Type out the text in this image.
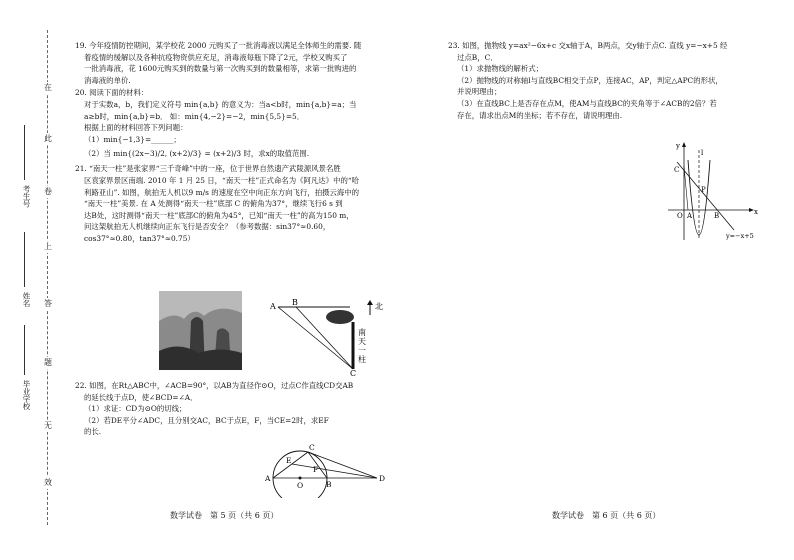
在
此
卷
上
答
题
无
效
考生号
姓名
毕业学校
19. 今年疫情防控期间，某学校花 2000 元购买了一批消毒液以满足全体师生的需要. 随
着疫情的缓解以及各种抗疫物资供应充足，消毒液每瓶下降了2元，学校又购买了
一批消毒液，花 1600元购买到的数量与第一次购买到的数量相等，求第一批购进的
消毒液的单价.
20. 阅读下面的材料：
对于实数a，b，我们定义符号 min{a,b} 的意义为：当a<b时，min{a,b}=a；当
a≥b时，min{a,b}=b． 如：min{4,−2}=−2，min{5,5}=5．
根据上面的材料回答下列问题：
（1）min{−1,3}=______；
（2）当 min{(2x−3)/2, (x+2)/3} = (x+2)/3 时，求x的取值范围.
21. “南天一柱”是张家界“三千奇峰”中的一座，位于世界自然遗产武陵源风景名胜
区袁家界景区南端. 2010 年 1 月 25 日，“南天一柱”正式命名为《阿凡达》中的“哈
利路亚山”. 如图，航拍无人机以9 m/s 的速度在空中向正东方向飞行，拍摄云海中的
“南天一柱”美景. 在 A 处测得“南天一柱”底部 C 的俯角为37°，继续飞行6 s 到
达B处，这时测得“南天一柱”底部C的俯角为45°，已知“南天一柱”的高为150 m，
问这架航拍无人机继续向正东飞行是否安全？（参考数据：sin37°≈0.60，
cos37°≈0.80，tan37°≈0.75）
22. 如图，在Rt△ABC中，∠ACB=90°，以AB为直径作⊙O，过点C作直线CD交AB
的延长线于点D，使∠BCD=∠A．
（1）求证：CD为⊙O的切线；
（2）若DE平分∠ADC，且分别交AC，BC于点E，F，当CE=2时，求EF
的长.
A B	北
南
天
一
柱
C
C
E
F
A
O	B
D
23. 如图，抛物线 y=ax²−6x+c 交x轴于A，B两点，交y轴于点C. 直线 y=−x+5 经
过点B，C．
（1）求抛物线的解析式；
（2）抛物线的对称轴l与直线BC相交于点P，连接AC，AP，判定△APC的形状，
并说明理由；
（3）在直线BC上是否存在点M，使AM与直线BC的夹角等于∠ACB的2倍？若
存在，请求出点M的坐标；若不存在，请说明理由.
y
l
C
P
O A	B	x
y=−x+5
数学试卷　第 5 页（共 6 页）	数学试卷　第 6 页（共 6 页）
